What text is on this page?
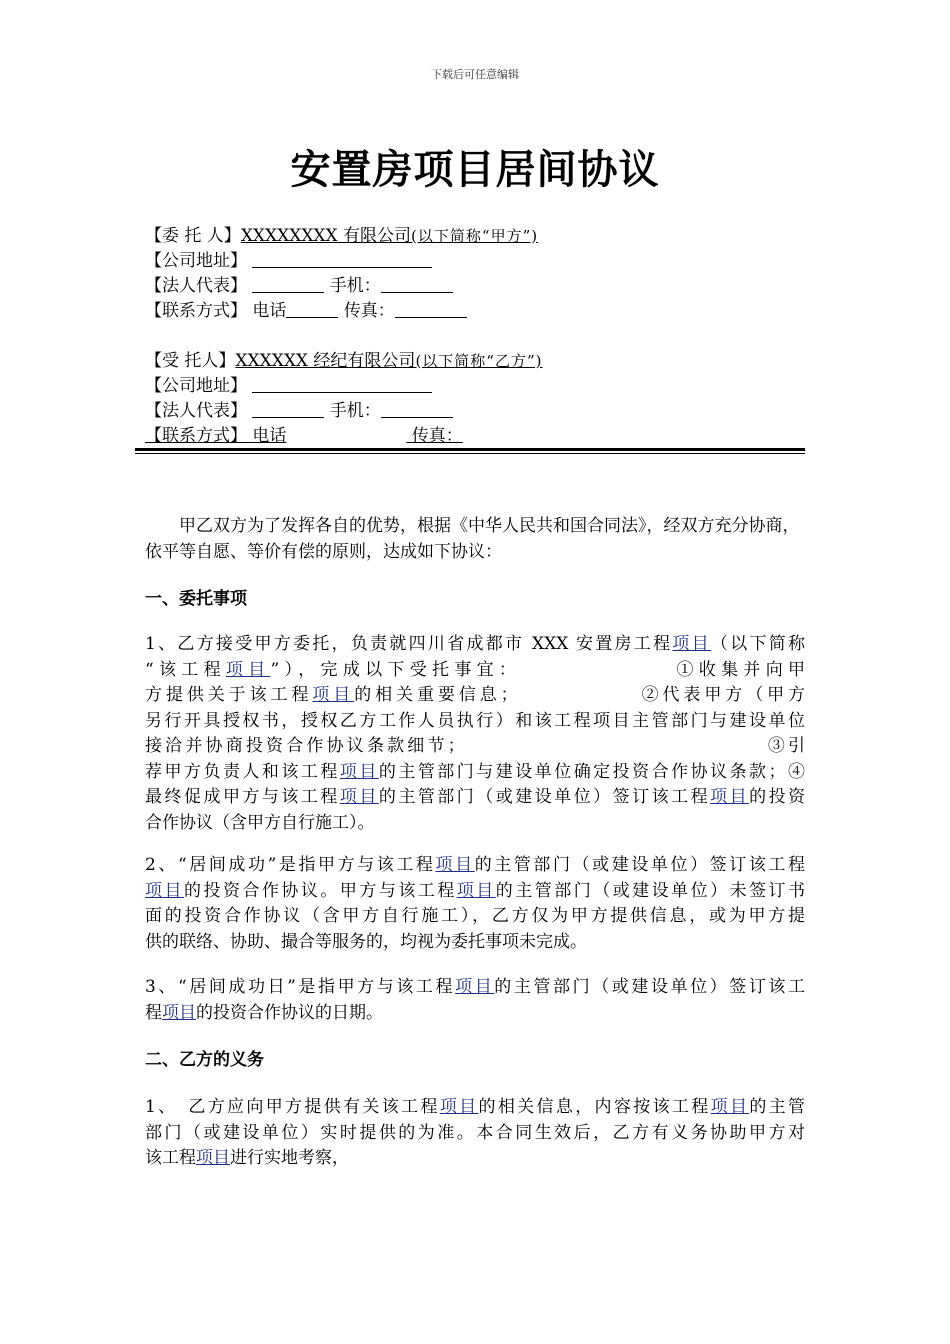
下载后可任意编辑
安置房项目居间协议
【委 托 人】XXXXXXXX 有限公司(以下简称“甲方”)
【公司地址】
【法人代表】	手机：
【联系方式】 电话	传真：
【受 托人】XXXXXX 经纪有限公司(以下简称“乙方”)
【公司地址】
【法人代表】	手机：
【联系方式】 电话	传真：

甲乙双方为了发挥各自的优势，根据《中华人民共和国合同法》，经双方充分协商，依平等自愿、等价有偿的原则，达成如下协议：

一、委托事项

1、乙方接受甲方委托，负责就四川省成都市 XXX 安置房工程项目（以下简称

“该工程项目”），完成以下受托事宜：	①收集并向甲

方提供关于该工程项目的相关重要信息；	②代表甲方（甲方

另行开具授权书，授权乙方工作人员执行）和该工程项目主管部门与建设单位

接洽并协商投资合作协议条款细节；	③引

荐甲方负责人和该工程项目的主管部门与建设单位确定投资合作协议条款；④

最终促成甲方与该工程项目的主管部门（或建设单位）签订该工程项目的投资

合作协议（含甲方自行施工）。

2、“居间成功”是指甲方与该工程项目的主管部门（或建设单位）签订该工程

项目的投资合作协议。甲方与该工程项目的主管部门（或建设单位）未签订书

面的投资合作协议（含甲方自行施工），乙方仅为甲方提供信息，或为甲方提

供的联络、协助、撮合等服务的，均视为委托事项未完成。

3、“居间成功日”是指甲方与该工程项目的主管部门（或建设单位）签订该工

程项目的投资合作协议的日期。

二、乙方的义务

1、　乙方应向甲方提供有关该工程项目的相关信息，内容按该工程项目的主管

部门（或建设单位）实时提供的为准。本合同生效后，乙方有义务协助甲方对

该工程项目进行实地考察，
